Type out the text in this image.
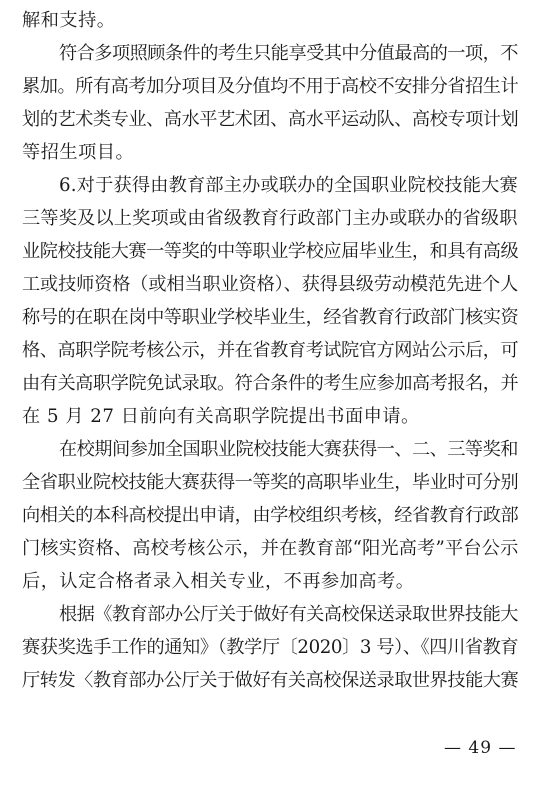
解和支持。
符合多项照顾条件的考生只能享受其中分值最高的一项，不
累加。所有高考加分项目及分值均不用于高校不安排分省招生计
划的艺术类专业、高水平艺术团、高水平运动队、高校专项计划
等招生项目。
6.对于获得由教育部主办或联办的全国职业院校技能大赛
三等奖及以上奖项或由省级教育行政部门主办或联办的省级职
业院校技能大赛一等奖的中等职业学校应届毕业生，和具有高级
工或技师资格（或相当职业资格）、获得县级劳动模范先进个人
称号的在职在岗中等职业学校毕业生，经省教育行政部门核实资
格、高职学院考核公示，并在省教育考试院官方网站公示后，可
由有关高职学院免试录取。符合条件的考生应参加高考报名，并
在 5 月 27 日前向有关高职学院提出书面申请。
在校期间参加全国职业院校技能大赛获得一、二、三等奖和
全省职业院校技能大赛获得一等奖的高职毕业生，毕业时可分别
向相关的本科高校提出申请，由学校组织考核，经省教育行政部
门核实资格、高校考核公示，并在教育部“阳光高考”平台公示
后，认定合格者录入相关专业，不再参加高考。
根据《教育部办公厅关于做好有关高校保送录取世界技能大
赛获奖选手工作的通知》（教学厅〔2020〕3 号）、《四川省教育
厅转发〈教育部办公厅关于做好有关高校保送录取世界技能大赛
— 49 —
